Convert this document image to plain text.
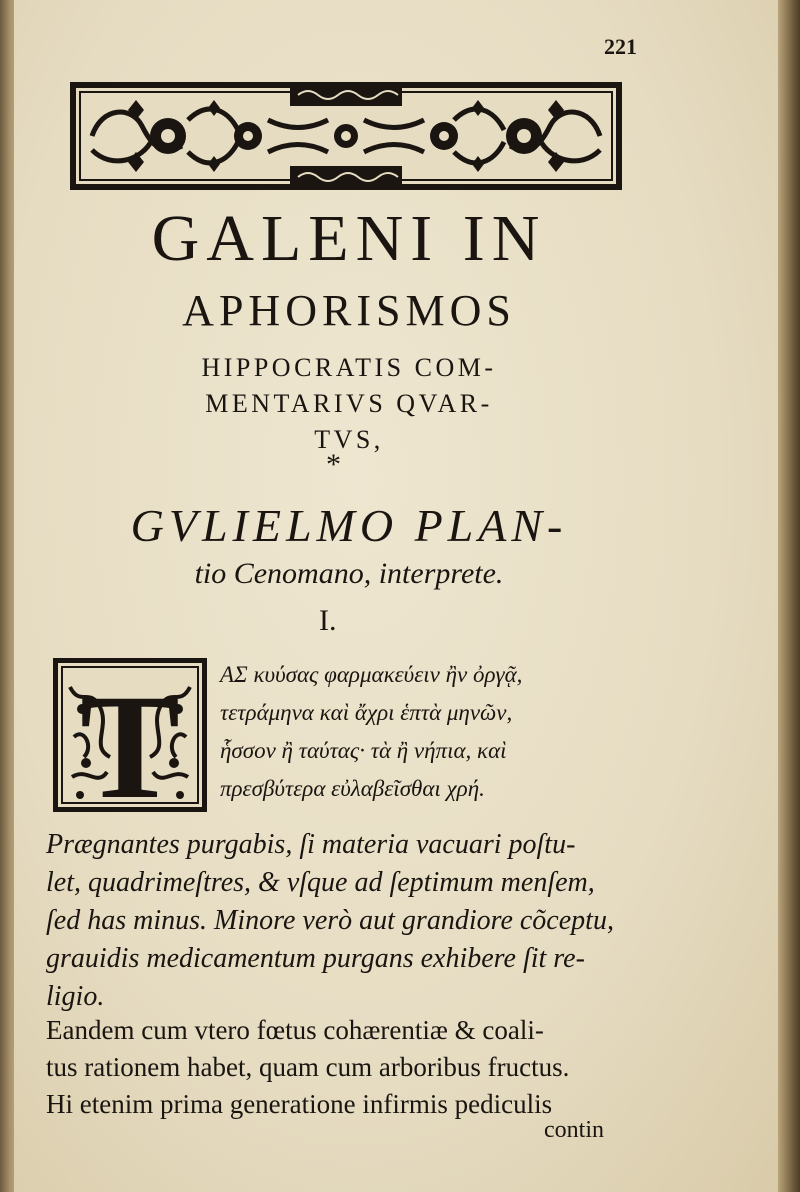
221
GALENI IN
APHORISMOS
HIPPOCRATIS COM-
MENTARIVS QVAR-
TVS,
*
GVLIELMO PLAN-
tio Cenomano, interprete.
I.
T ΑΣ κυύσας φαρμακεύειν ἢν ὀργᾷ,
τετράμηνα καὶ ἄχρι ἑπτὰ μηνῶν,
ἧσσον ἢ ταύτας· τὰ ἢ νήπια, καὶ
πρεσβύτερα εὐλαβεῖσθαι χρή.
Prægnantes purgabis, ſi materia vacuari poſtu-
let, quadrimeſtres, & vſque ad ſeptimum menſem,
ſed has minus. Minore verò aut grandiore cõceptu,
grauidis medicamentum purgans exhibere ſit re-
ligio.
Eandem cum vtero fœtus cohærentiæ & coali-
tus rationem habet, quam cum arboribus fructus.
Hi etenim prima generatione infirmis pediculis
contin
